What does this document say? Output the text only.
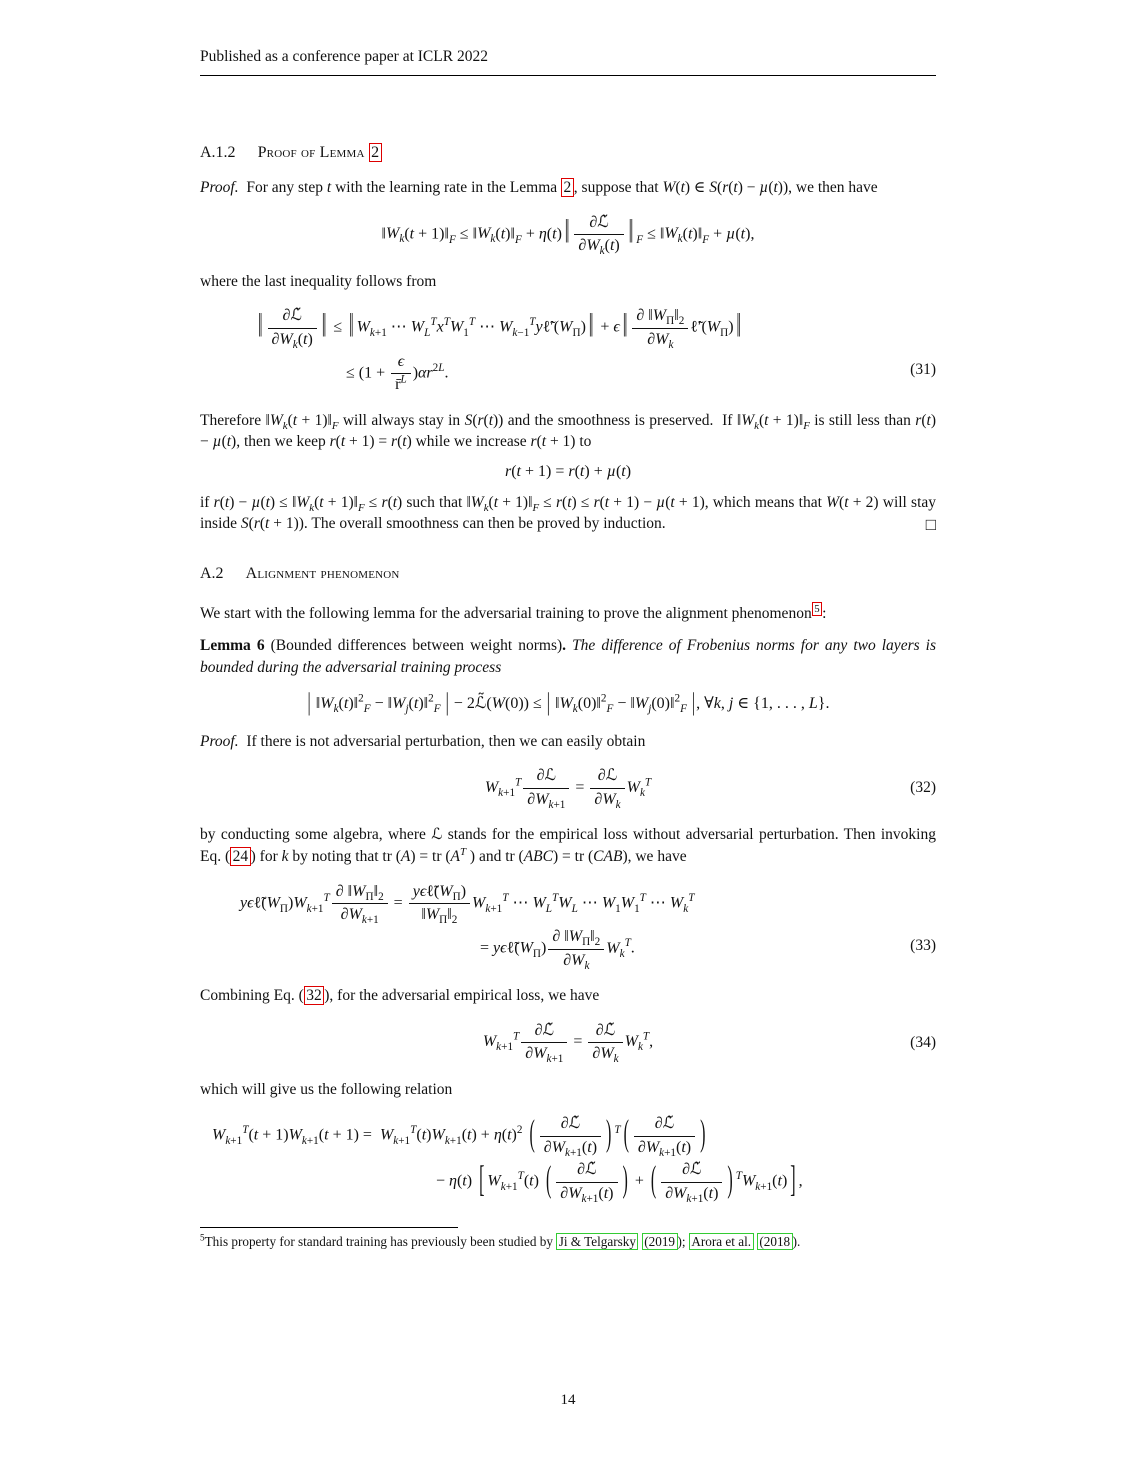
Published as a conference paper at ICLR 2022
A.1.2 Proof of Lemma 2

Proof.  For any step t with the learning rate in the Lemma 2 , suppose that W(t) ∈ S(r(t) − µ(t)), we then have

$‖W_k(t$ + $1)‖_F$ ≤ $‖W_k(t)‖_F + \eta(t)$ ‖	∂ℒ̃
$\partial W_k(t)$ ‖ $_F \le ‖W_k(t)‖_F + \mu(t)$,

where the last inequality follows from

‖	∂ℒ̃
$\partial W_k(t)$ ‖ ≤ ‖ $W_{k+1}$ ⋯ $W_L^Tx^TW_1^T$ ⋯ $W_{k-1}^Ty\ell̃'(W_\Pi)$ ‖ + ϵ ‖ $\frac{\partial ‖W_\Pi‖_2}{\partial W_k}$ $\ell̃'(W_\Pi)$ ‖
≤ $(1 + \frac{\epsilon}{r̄^L} )\alpha r^{2L}$.	(31)

Therefore $‖W_k(t$ + $1)‖_F$ will always stay in S(r(t)) and the smoothness is preserved.  If $‖W_k(t$ + $1)‖_F$ is still less than r(t) − µ(t), then we keep r(t + 1) = r(t) while we increase r(t + 1) to

r(t + 1) = r(t) + µ(t)

if $r(t) - \mu(t) \le ‖W_k(t$ + $1)‖_F \le r(t)$ such that $‖W_k(t$ + $1)‖_F \le r(t) \le r(t + 1) - \mu(t + 1)$, which means that W(t + 2) will stay inside S(r(t + 1)). The overall smoothness can then be proved by induction.	□

A.2 Alignment phenomenon

We start with the following lemma for the adversarial training to prove the alignment phenomenon $^5$ :

Lemma 6 (Bounded differences between weight norms). The difference of Frobenius norms for any two layers is bounded during the adversarial training process

| $‖W_k(t)‖^2_F$ − $‖W_j(t)‖^2_F$ | − 2ℒ̃(W(0)) ≤ | $‖W_k(0)‖^2_F$ − $‖W_j(0)‖^2_F$ |, ∀k, j ∈ {1, . . . , L}.

Proof.  If there is not adversarial perturbation, then we can easily obtain

$W_{k+1}^T$ ∂ℒ
$\partial W_{k+1}$
=
∂ℒ
$\partial W_k$
$W_k^T$	(32)

by conducting some algebra, where ℒ stands for the empirical loss without adversarial perturbation. Then invoking Eq. ( 24 ) for k by noting that tr (A) = tr ($A^T$ ) and tr (ABC) = tr (CAB), we have

$y\epsilon\ell̃(W_\Pi)W_{k+1}^T \frac{\partial ‖W_\Pi‖_2}{\partial W_{k+1}}$ =
$y\epsilon\ell̃(W_\Pi)$
$‖W_\Pi‖_2$
$W_{k+1}^T$ ⋯ $W_L^TW_L$ ⋯ $W_1W_1^T$ ⋯ $W_k^T$
= $y\epsilon\ell̃(W_\Pi) \frac{\partial ‖W_\Pi‖_2}{\partial W_k} W_k^T$.	(33)

Combining Eq. ( 32 ), for the adversarial empirical loss, we have

$W_{k+1}^T$ ∂ℒ̃
$\partial W_{k+1}$
=
∂ℒ̃
$\partial W_k$
$W_k^T$,	(34)

which will give us the following relation

$W_{k+1}^T(t + 1)W_{k+1}(t + 1) = W_{k+1}^T(t)W_{k+1}(t) + \eta(t)^2$ (	∂ℒ̃
$\partial W_{k+1}(t)$ ) $^T$ (	∂ℒ̃
$\partial W_{k+1}(t)$ )
− η(t) [ $W_{k+1}^T(t)$ (	∂ℒ̃
$\partial W_{k+1}(t)$ ) + (	∂ℒ̃
$\partial W_{k+1}(t)$ ) $^TW_{k+1}(t)$ ] ,

$^5$This property for standard training has previously been studied by Ji & Telgarsky (2019 ); Arora et al. (2018 ).

14
